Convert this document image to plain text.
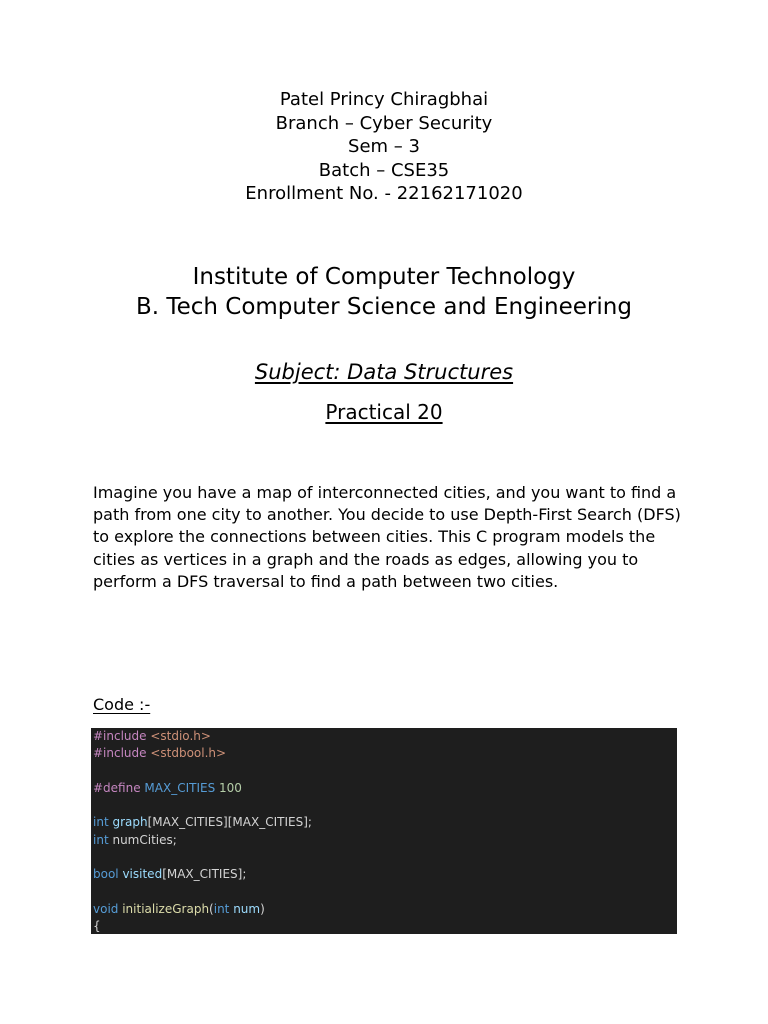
Patel Princy Chiragbhai
Branch – Cyber Security
Sem – 3
Batch – CSE35
Enrollment No. - 22162171020
Institute of Computer Technology
B. Tech Computer Science and Engineering
Subject: Data Structures
Practical 20
Imagine you have a map of interconnected cities, and you want to find a path from one city to another. You decide to use Depth-First Search (DFS) to explore the connections between cities. This C program models the cities as vertices in a graph and the roads as edges, allowing you to perform a DFS traversal to find a path between two cities.
Code :-
#include <stdio.h>
#include <stdbool.h>

#define MAX_CITIES 100

int graph[MAX_CITIES][MAX_CITIES];
int numCities;

bool visited[MAX_CITIES];

void initializeGraph(int num)
{
